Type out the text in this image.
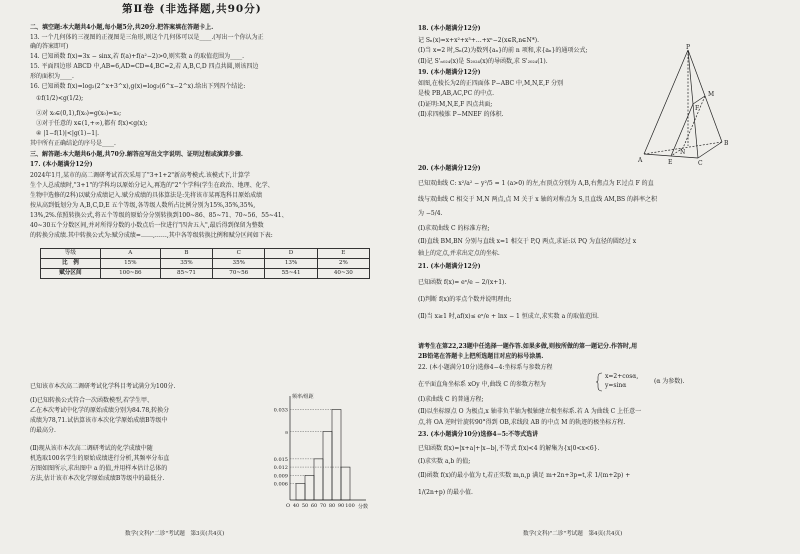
第Ⅱ卷 (非选择题,共90分)
二、填空题:本大题共4小题,每小题5分,共20分.把答案填在答题卡上.
13. 一个几何体的三视图的正视图是三角形,则这个几何体可以是____.(写出一个你认为正
确的答案即可)
14. 已知函数 f(x)=3x − sinx,若 f(a)+f(a²−2)>0,则实数 a 的取值范围为____.
15. 平面四边形 ABCD 中,AB=6,AD=CD=4,BC=2,若 A,B,C,D 四点共圆,则该四边
形的面积为____.
16. 已知函数 f(x)=log₂(2^x+3^x),g(x)=log₃(6^x−2^x).给出下列四个结论:
①f(1/2)<g(1/2);
②对 x₀∈(0,1),f(x₀)=g(x₀)=x₀;
③对于任意的 x∈(1,+∞),都有 f(x)<g(x);
④ |1−f(1)|<|g(1)−1|.
其中所有正确结论的序号是____.
三、解答题:本大题共6小题,共70分.解答应写出文字说明、证明过程或演算步骤.
17. (本小题满分12分)
2024年1月,某市的高二调研考试首次采用了"3+1+2"新高考模式.该模式下,计算学
生个人总成绩时,"3+1"的学科均以原始分记入,再选的"2"个学科(学生在政治、地理、化学、
生物中选修的2科)以赋分成绩记入.赋分成绩的具体算法是:先将该市某再选科目原始成绩
按从高到低划分为 A,B,C,D,E 五个等级,各等级人数所占比例分别为15%,35%,35%,
13%,2%.依照转换公式,将五个等级的原始分分别转换到100~86、85~71、70~56、55~41、
40~30五个分数区间,并对所得分数的小数点后一位进行"四舍五入",最后得到保留为整数
的转换分成绩.其中转换公式为:赋分成绩=……,……,其中各等级转换比例和赋分区间如下表:
等级	A	B	C	D	E
比　例	15%	35%	35%	13%	2%
赋分区间	100~86	85~71	70~56	55~41	40~30
已知该市本次高二调研考试化学科目考试满分为100分.
(Ⅰ)已知转换公式符合一次函数模型,若学生甲、
乙在本次考试中化学的原始成绩分别为84.78,转换分
成绩为78,71.试估算该市本次化学原始成绩B等级中
的最高分.
(Ⅱ)现从该市本次高二调研考试的化学成绩中随
机选取100名学生的原始成绩进行分析,其频率分布直
方图如图所示,求出图中 a 的值,并用样本估计总体的
方法,估计该市本次化学原始成绩B等级中的最低分.
频率/组距
分数
0.033
a
0.015
0.012
0.009
0.006
O 40 50 60 70 80 90 100
数学(文科)"二诊"考试题　第3页(共4页)
18. (本小题满分12分)
记 Sₙ(x)=x+x²+x³+…+xⁿ−2(x∈R,n∈N*).
(Ⅰ)当 x=2 时,Sₙ(2)为数列{aₙ}的前 n 项和,求{aₙ}的通项公式;
(Ⅱ)记 S'ₙ₀₂₄(x)是 S₂₀₂₄(x)的导函数,求 S'₂₀₂₄(1).
19. (本小题满分12分)
如图,在棱长为2的正四面体 P−ABC 中,M,N,E,F 分别
是棱 PB,AB,AC,PC 的中点.
(Ⅰ)证明:M,N,E,F 四点共面;
(Ⅱ)求四棱锥 P−MNEF 的体积.
P
M
F
A
N
E	C
B
20. (本小题满分12分)
已知双曲线 C: x²/a² − y²/5 = 1 (a>0) 的左,右顶点分别为 A,B,右焦点为 F.过点 F 的直
线与双曲线 C 相交于 M,N 两点,点 M 关于 x 轴的对称点为 S,且直线 AM,BS 的斜率之积
为 −5/4.
(Ⅰ)求双曲线 C 的标准方程;
(Ⅱ)直线 BM,BN 分别与直线 x=1 相交于 P,Q 两点,求证:以 PQ 为直径的圆经过 x
轴上的定点,并求出定点的坐标.
21. (本小题满分12分)
已知函数 f(x)= eˣ/e − 2/(x+1).
(Ⅰ)判断 f(x)的零点个数并说明理由;
(Ⅱ)当 x≥1 时,af(x)≤ eˣ/e + lnx − 1 恒成立,求实数 a 的取值范围.
请考生在第22,23题中任选择一题作答.如果多做,则按所做的第一题记分.作答时,用
2B铅笔在答题卡上把所选题目对应的标号涂黑.
22. (本小题满分10分)选修4−4:坐标系与参数方程
在平面直角坐标系 xOy 中,曲线 C 的参数方程为
x=2+cosα,
y=sinα
(α 为参数).
(Ⅰ)求曲线 C 的普通方程;
(Ⅱ)以坐标原点 O 为极点,x 轴非负半轴为极轴建立极坐标系.若 A 为曲线 C 上任意一
点,将 OA 逆时针旋转90°得到 OB,求线段 AB 的中点 M 的轨迹的极坐标方程.
23. (本小题满分10分)选修4−5:不等式选讲
已知函数 f(x)=|x+a|+|x−b|,不等式 f(x)<4 的解集为{x|0<x<6}.
(Ⅰ)求实数 a,b 的值;
(Ⅱ)函数 f(x)的最小值为 t,若正实数 m,n,p 满足 m+2n+3p=t,求 1/(m+2p) +
1/(2n+p) 的最小值.
数学(文科)"二诊"考试题　第4页(共4页)
